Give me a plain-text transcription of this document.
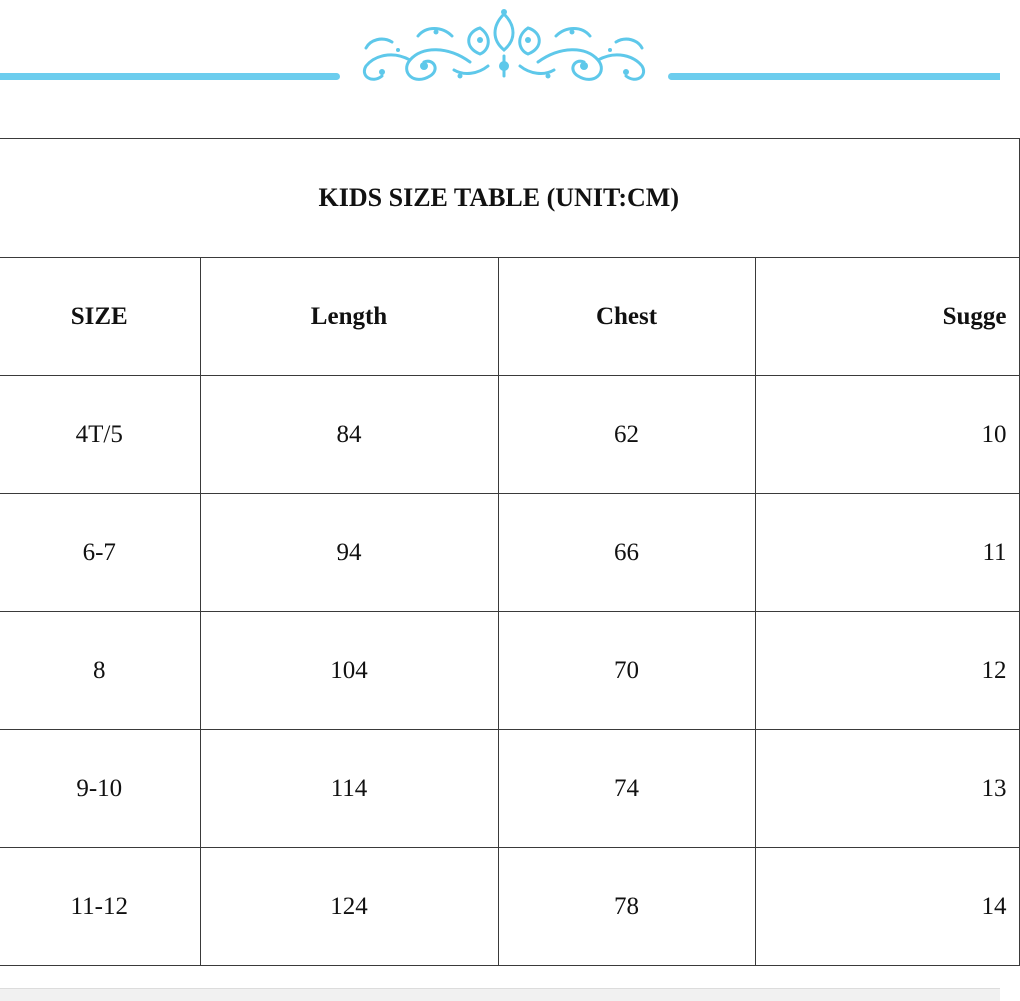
KIDS SIZE TABLE (UNIT:CM)			
SIZE	Length	Chest	Sugge
4T/5	84	62	10
6-7	94	66	11
8	104	70	12
9-10	114	74	13
11-12	124	78	14
